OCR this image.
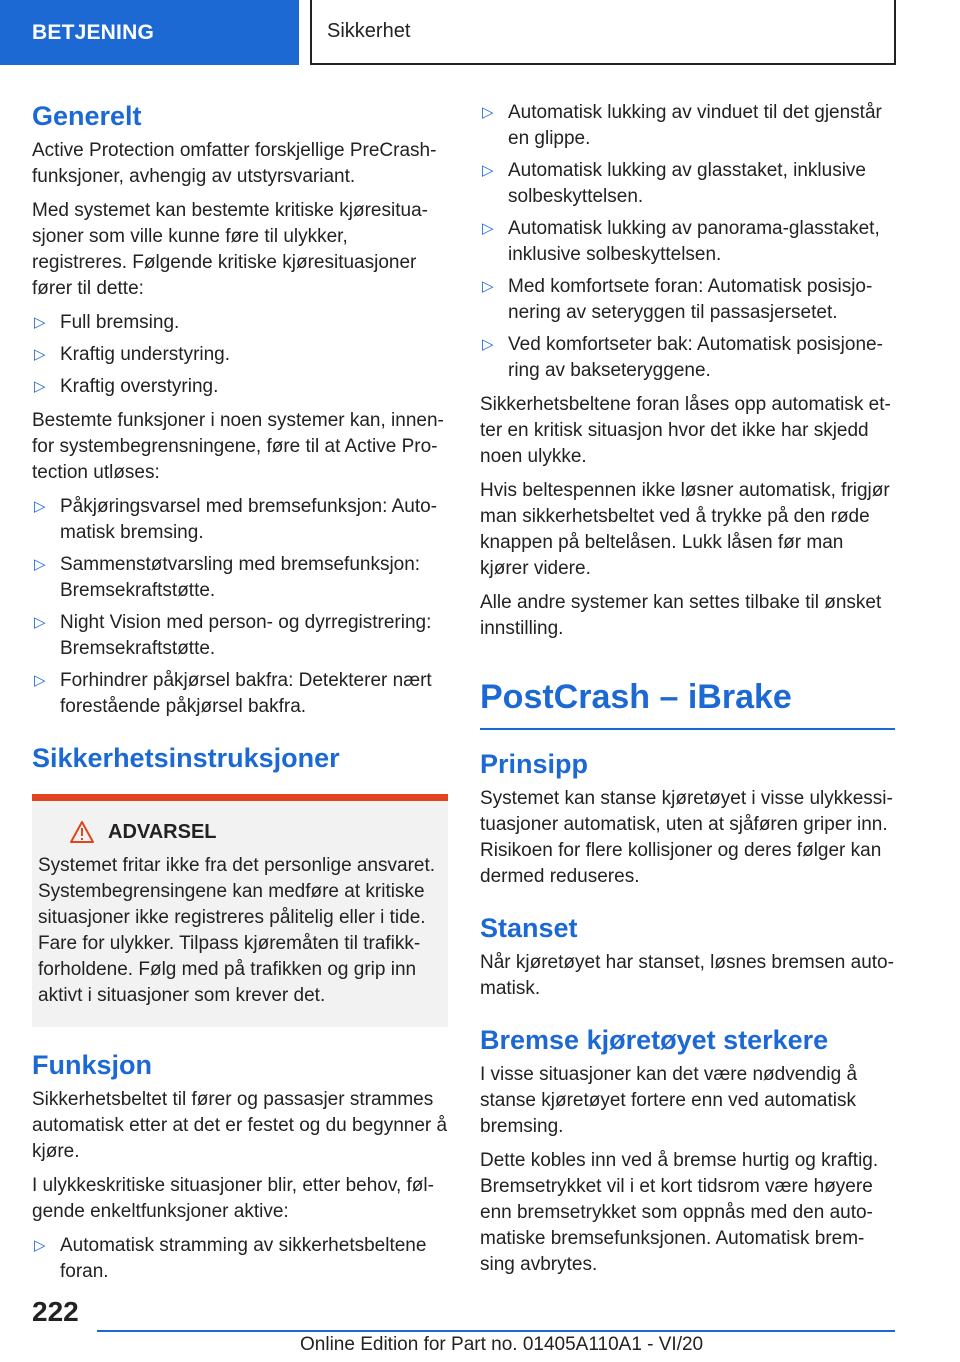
BETJENING	Sikkerhet
Generelt

Active Protection omfatter forskjellige PreCrash-funksjoner, avhengig av utstyrsvariant.

Med systemet kan bestemte kritiske kjøresitua-sjoner som ville kunne føre til ulykker, registreres. Følgende kritiske kjøresituasjoner fører til dette:

▷ Full bremsing.
▷ Kraftig understyring.
▷ Kraftig overstyring.

Bestemte funksjoner i noen systemer kan, innen-for systembegrensningene, føre til at Active Pro-tection utløses:

▷ Påkjøringsvarsel med bremsefunksjon: Auto-matisk bremsing.
▷ Sammenstøtvarsling med bremsefunksjon: Bremsekraftstøtte.
▷ Night Vision med person- og dyrregistrering: Bremsekraftstøtte.
▷ Forhindrer påkjørsel bakfra: Detekterer nært forestående påkjørsel bakfra.
Sikkerhetsinstruksjoner
ADVARSEL

Systemet fritar ikke fra det personlige ansvaret. Systembegrensingene kan medføre at kritiske situasjoner ikke registreres pålitelig eller i tide. Fare for ulykker. Tilpass kjøremåten til trafikk-forholdene. Følg med på trafikken og grip inn aktivt i situasjoner som krever det.

Funksjon

Sikkerhetsbeltet til fører og passasjer strammes automatisk etter at det er festet og du begynner å kjøre.

I ulykkeskritiske situasjoner blir, etter behov, føl-gende enkeltfunksjoner aktive:

▷ Automatisk stramming av sikkerhetsbeltene foran.
▷ Automatisk lukking av vinduet til det gjenstår en glippe.
▷ Automatisk lukking av glasstaket, inklusive solbeskyttelsen.
▷ Automatisk lukking av panorama-glasstaket, inklusive solbeskyttelsen.
▷ Med komfortsete foran: Automatisk posisjo-nering av seteryggen til passasjersetet.
▷ Ved komfortseter bak: Automatisk posisjone-ring av bakseteryggene.

Sikkerhetsbeltene foran låses opp automatisk et-ter en kritisk situasjon hvor det ikke har skjedd noen ulykke.

Hvis beltespennen ikke løsner automatisk, frigjør man sikkerhetsbeltet ved å trykke på den røde knappen på beltelåsen. Lukk låsen før man kjører videre.

Alle andre systemer kan settes tilbake til ønsket innstilling.

PostCrash – iBrake
Prinsipp

Systemet kan stanse kjøretøyet i visse ulykkessi-tuasjoner automatisk, uten at sjåføren griper inn. Risikoen for flere kollisjoner og deres følger kan dermed reduseres.

Stanset

Når kjøretøyet har stanset, løsnes bremsen auto-matisk.

Bremse kjøretøyet sterkere

I visse situasjoner kan det være nødvendig å stanse kjøretøyet fortere enn ved automatisk bremsing.

Dette kobles inn ved å bremse hurtig og kraftig. Bremsetrykket vil i et kort tidsrom være høyere enn bremsetrykket som oppnås med den auto-matiske bremsefunksjonen. Automatisk brem-sing avbrytes.

222
Online Edition for Part no. 01405A110A1 - VI/20
